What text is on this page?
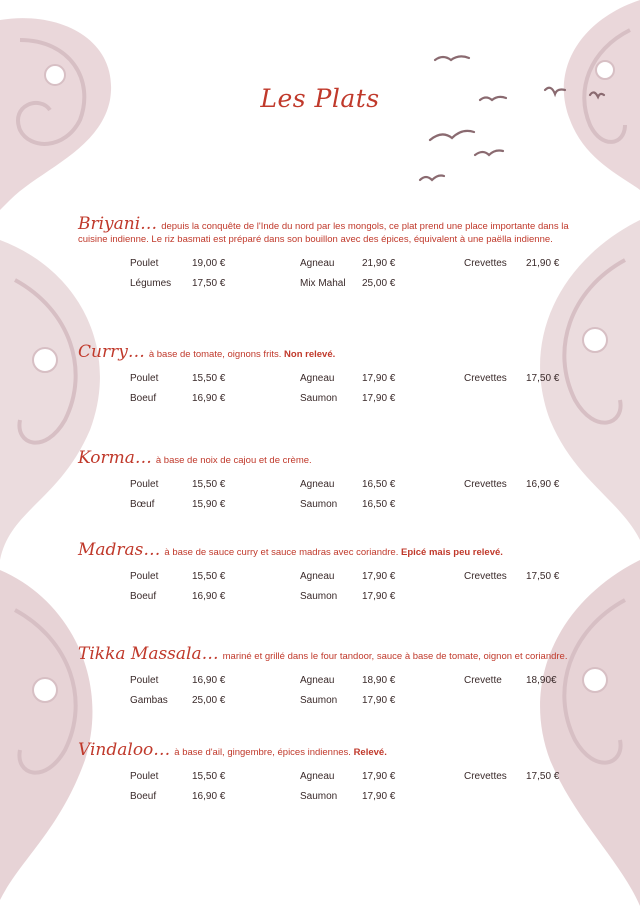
Les Plats
Briyani… depuis la conquête de l'Inde du nord par les mongols, ce plat prend une place importante dans la cuisine indienne. Le riz basmati est préparé dans son bouillon avec des épices, équivalent à une paëlla indienne.
Poulet	19,00 €	Agneau	21,90 €	Crevettes 21,90 €
Légumes 17,50 €	Mix Mahal 25,00 €
Curry… à base de tomate, oignons frits. Non relevé.
Poulet	15,50 €	Agneau	17,90 €	Crevettes 17,50 €
Boeuf	16,90 €	Saumon 17,90 €
Korma… à base de noix de cajou et de crème.
Poulet	15,50 €	Agneau	16,50 €	Crevettes 16,90 €
Bœuf	15,90 €	Saumon 16,50 €
Madras… à base de sauce curry et sauce madras avec coriandre. Epicé mais peu relevé.
Poulet	15,50 €	Agneau	17,90 €	Crevettes 17,50 €
Boeuf	16,90 €	Saumon 17,90 €
Tikka Massala… mariné et grillé dans le four tandoor, sauce à base de tomate, oignon et coriandre.
Poulet	16,90 €	Agneau	18,90 €	Crevette 18,90€
Gambas 25,00 €	Saumon 17,90 €
Vindaloo… à base d'ail, gingembre, épices indiennes. Relevé.
Poulet	15,50 €	Agneau	17,90 €	Crevettes 17,50 €
Boeuf	16,90 €	Saumon 17,90 €
